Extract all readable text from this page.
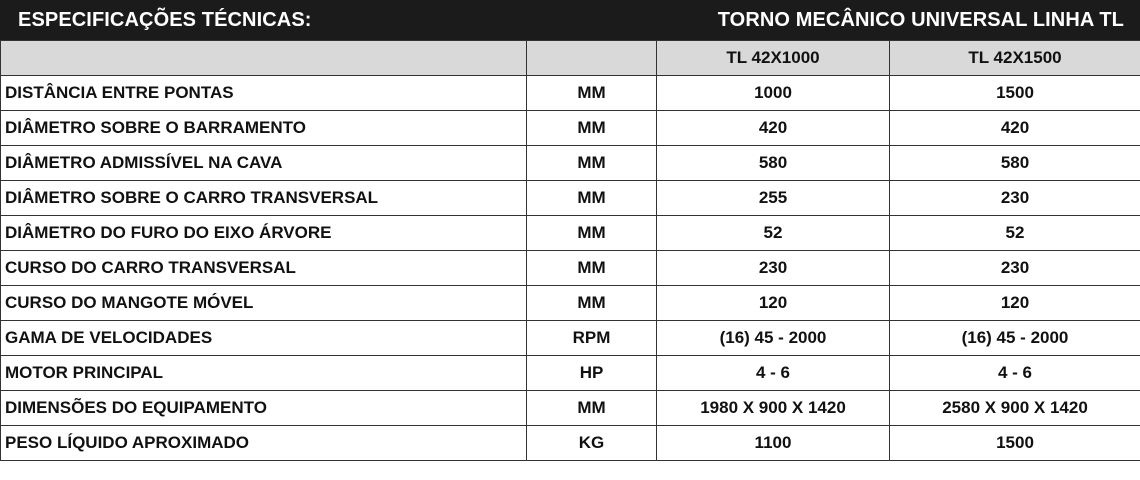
ESPECIFICAÇÕES TÉCNICAS:	TORNO MECÂNICO UNIVERSAL LINHA TL
		TL 42X1000	TL 42X1500
DISTÂNCIA ENTRE PONTAS	MM	1000	1500
DIÂMETRO SOBRE O BARRAMENTO	MM	420	420
DIÂMETRO ADMISSÍVEL NA CAVA	MM	580	580
DIÂMETRO SOBRE O CARRO TRANSVERSAL	MM	255	230
DIÂMETRO DO FURO DO EIXO ÁRVORE	MM	52	52
CURSO DO CARRO TRANSVERSAL	MM	230	230
CURSO DO MANGOTE MÓVEL	MM	120	120
GAMA DE VELOCIDADES	RPM	(16) 45 - 2000	(16) 45 - 2000
MOTOR PRINCIPAL	HP	4 - 6	4 - 6
DIMENSÕES DO EQUIPAMENTO	MM	1980 X 900 X 1420	2580 X 900 X 1420
PESO LÍQUIDO APROXIMADO	KG	1100	1500
